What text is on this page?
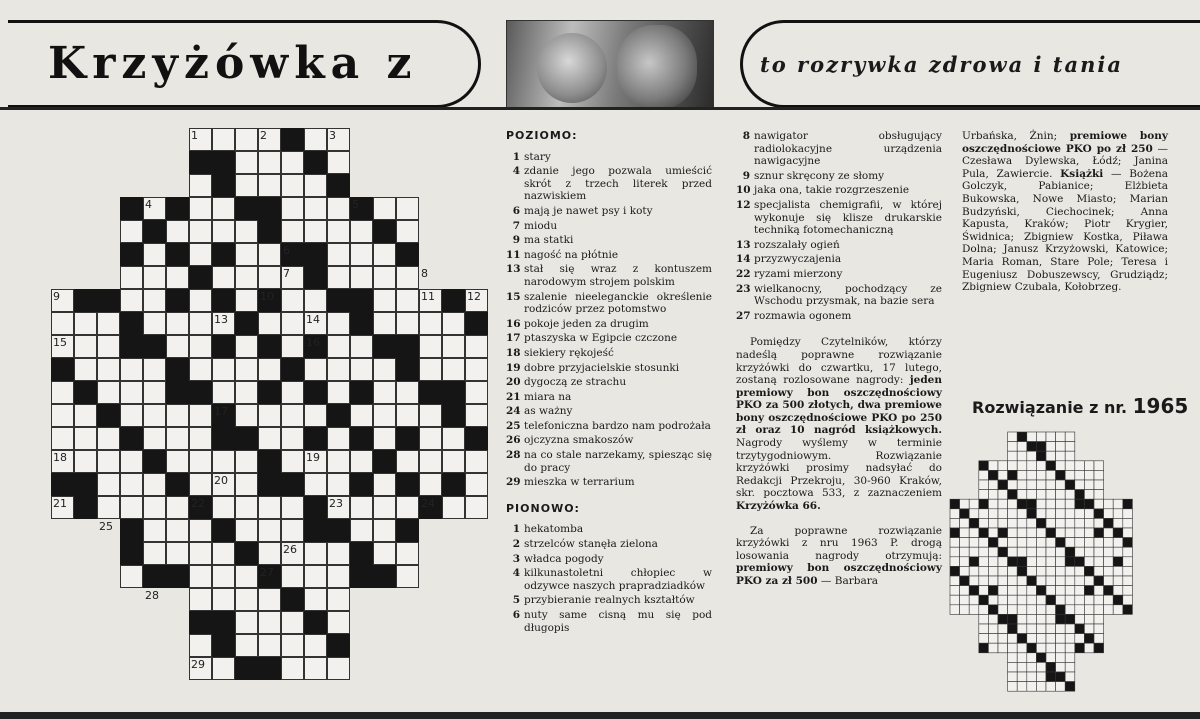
Krzyżówka z	to rozrywka zdrowa i tania
1	2	3
4	5
6
7	8
9	10	11	12
13	14
15	16
17
18	19
20
21	22	23	24
25
26
27
28
29
POZIOMO:
1 stary
4 zdanie jego pozwala umieścić skrót z trzech literek przed nazwiskiem
6 mają je nawet psy i koty
7 miodu
9 ma statki
11 nagość na płótnie
13 stał się wraz z kontuszem narodowym strojem polskim
15 szalenie nieeleganckie określenie rodziców przez potomstwo
16 pokoje jeden za drugim
17 ptaszyska w Egipcie czczone
18 siekiery rękojeść
19 dobre przyjacielskie stosunki
20 dygoczą ze strachu
21 miara na
24 as ważny
25 telefoniczna bardzo nam podrożała
26 ojczyzna smakoszów
28 na co stale narzekamy, spiesząc się do pracy
29 mieszka w terrarium
PIONOWO:
1 hekatomba
2 strzelców stanęła zielona
3 władca pogody
4 kilkunastoletni chłopiec w odzywce naszych prapradziadków
5 przybieranie realnych kształtów
6 nuty same cisną mu się pod długopis
8 nawigator obsługujący radiolokacyjne urządzenia nawigacyjne
9 sznur skręcony ze słomy
10 jaka ona, takie rozgrzeszenie
12 specjalista chemigrafii, w której wykonuje się klisze drukarskie techniką fotomechaniczną
13 rozszalały ogień
14 przyzwyczajenia
22 ryzami mierzony
23 wielkanocny, pochodzący ze Wschodu przysmak, na bazie sera
27 rozmawia ogonem
Pomiędzy Czytelników, którzy nadeślą poprawne rozwiązanie krzyżówki do czwartku, 17 lutego, zostaną rozlosowane nagrody: jeden premiowy bon oszczędnościowy PKO za 500 złotych, dwa premiowe bony oszczędnościowe PKO po 250 zł oraz 10 nagród książkowych. Nagrody wyślemy w terminie trzytygodniowym. Rozwiązanie krzyżówki prosimy nadsyłać do Redakcji Przekroju, 30-960 Kraków, skr. pocztowa 533, z zaznaczeniem Krzyżówka 66.
Za poprawne rozwiązanie krzyżówki z nru 1963 P. drogą losowania nagrody otrzymują: premiowy bon oszczędnościowy PKO za zł 500 — Barbara
Urbańska, Żnin; premiowe bony oszczędnościowe PKO po zł 250 — Czesława Dylewska, Łódź; Janina Pula, Zawiercie. Książki — Bożena Golczyk, Pabianice; Elżbieta Bukowska, Nowe Miasto; Marian Budzyński, Ciechocinek; Anna Kapusta, Kraków; Piotr Krygier, Świdnica; Zbigniew Kostka, Piława Dolna; Janusz Krzyżowski, Katowice; Maria Roman, Stare Pole; Teresa i Eugeniusz Dobuszewscy, Grudziądz; Zbigniew Czubala, Kołobrzeg.
Rozwiązanie z nr. 1965
